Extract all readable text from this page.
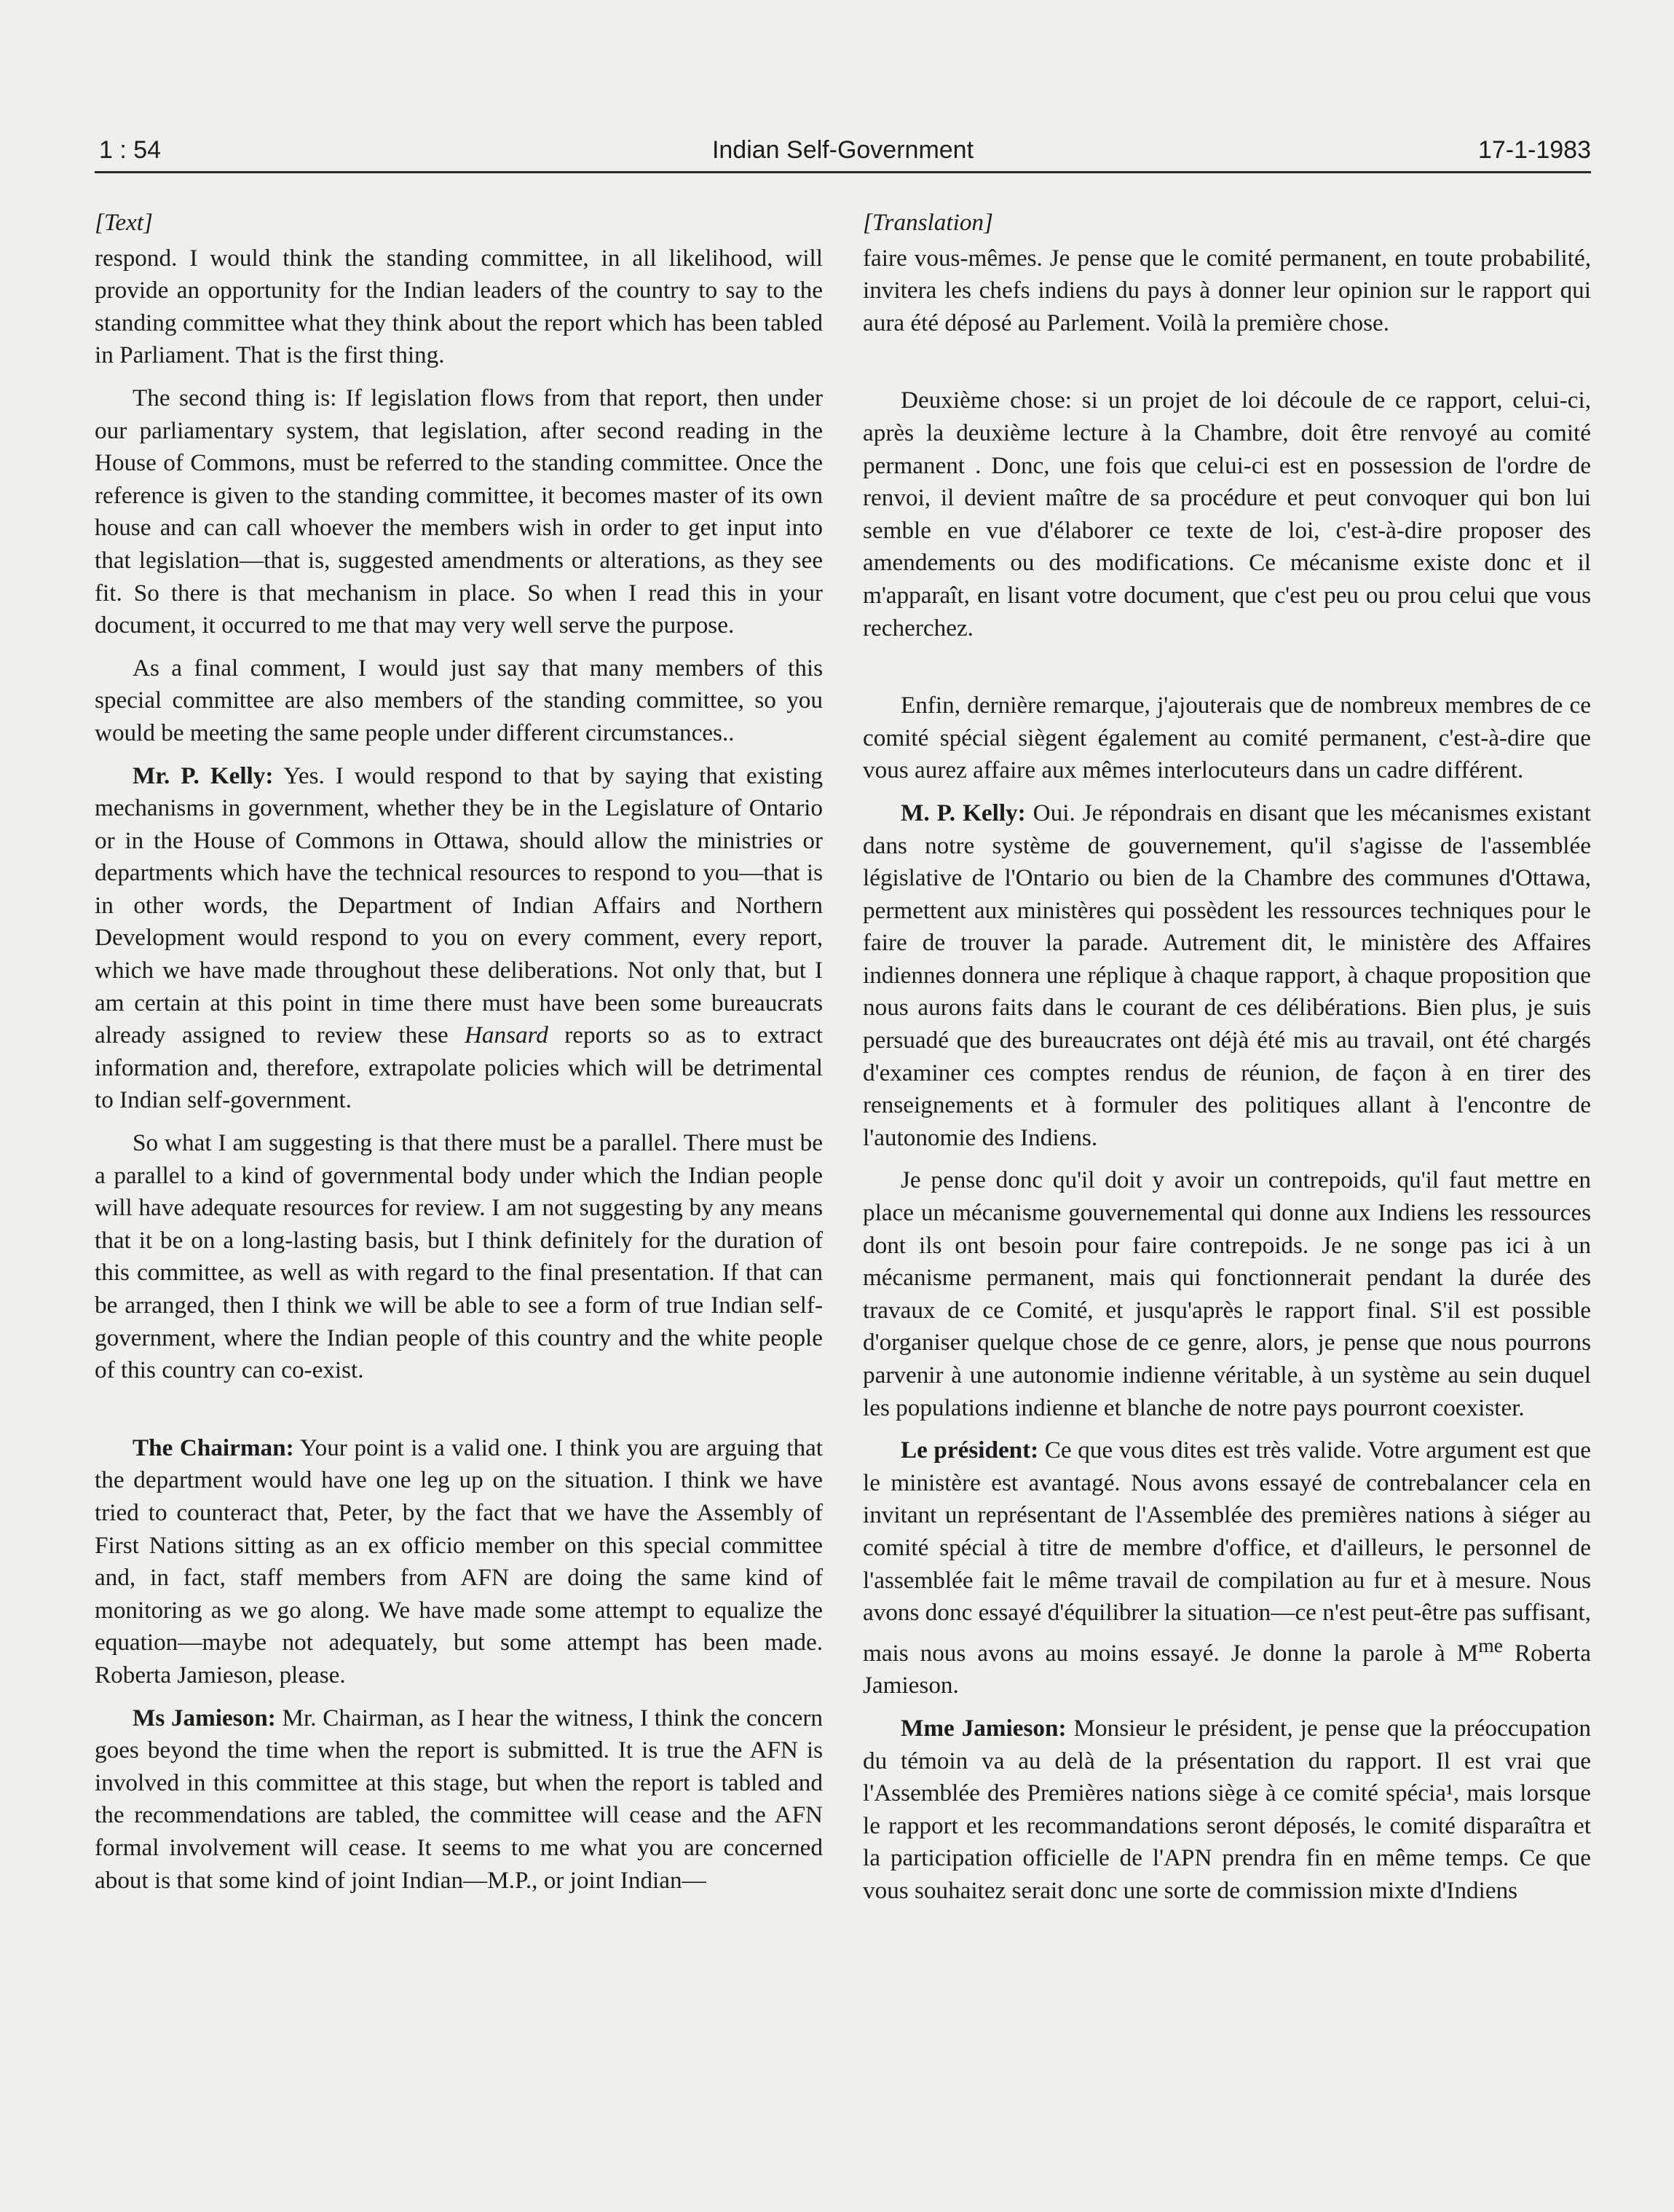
1 : 54	Indian Self-Government	17-1-1983
[Text]

respond. I would think the standing committee, in all likelihood, will provide an opportunity for the Indian leaders of the country to say to the standing committee what they think about the report which has been tabled in Parliament. That is the first thing.

The second thing is: If legislation flows from that report, then under our parliamentary system, that legislation, after second reading in the House of Commons, must be referred to the standing committee. Once the reference is given to the standing committee, it becomes master of its own house and can call whoever the members wish in order to get input into that legislation—that is, suggested amendments or alterations, as they see fit. So there is that mechanism in place. So when I read this in your document, it occurred to me that may very well serve the purpose.

As a final comment, I would just say that many members of this special committee are also members of the standing committee, so you would be meeting the same people under different circumstances..

Mr. P. Kelly: Yes. I would respond to that by saying that existing mechanisms in government, whether they be in the Legislature of Ontario or in the House of Commons in Ottawa, should allow the ministries or departments which have the technical resources to respond to you—that is in other words, the Department of Indian Affairs and Northern Development would respond to you on every comment, every report, which we have made throughout these deliberations. Not only that, but I am certain at this point in time there must have been some bureaucrats already assigned to review these Hansard reports so as to extract information and, therefore, extrapolate policies which will be detrimental to Indian self-government.

So what I am suggesting is that there must be a parallel. There must be a parallel to a kind of governmental body under which the Indian people will have adequate resources for review. I am not suggesting by any means that it be on a long-lasting basis, but I think definitely for the duration of this committee, as well as with regard to the final presentation. If that can be arranged, then I think we will be able to see a form of true Indian self-government, where the Indian people of this country and the white people of this country can co-exist.

The Chairman: Your point is a valid one. I think you are arguing that the department would have one leg up on the situation. I think we have tried to counteract that, Peter, by the fact that we have the Assembly of First Nations sitting as an ex officio member on this special committee and, in fact, staff members from AFN are doing the same kind of monitoring as we go along. We have made some attempt to equalize the equation—maybe not adequately, but some attempt has been made. Roberta Jamieson, please.

Ms Jamieson: Mr. Chairman, as I hear the witness, I think the concern goes beyond the time when the report is submitted. It is true the AFN is involved in this committee at this stage, but when the report is tabled and the recommendations are tabled, the committee will cease and the AFN formal involvement will cease. It seems to me what you are concerned about is that some kind of joint Indian—M.P., or joint Indian—

[Translation]

faire vous-mêmes. Je pense que le comité permanent, en toute probabilité, invitera les chefs indiens du pays à donner leur opinion sur le rapport qui aura été déposé au Parlement. Voilà la première chose.

Deuxième chose: si un projet de loi découle de ce rapport, celui-ci, après la deuxième lecture à la Chambre, doit être renvoyé au comité permanent . Donc, une fois que celui-ci est en possession de l'ordre de renvoi, il devient maître de sa procédure et peut convoquer qui bon lui semble en vue d'élaborer ce texte de loi, c'est-à-dire proposer des amendements ou des modifications. Ce mécanisme existe donc et il m'apparaît, en lisant votre document, que c'est peu ou prou celui que vous recherchez.

Enfin, dernière remarque, j'ajouterais que de nombreux membres de ce comité spécial siègent également au comité permanent, c'est-à-dire que vous aurez affaire aux mêmes interlocuteurs dans un cadre différent.

M. P. Kelly: Oui. Je répondrais en disant que les mécanismes existant dans notre système de gouvernement, qu'il s'agisse de l'assemblée législative de l'Ontario ou bien de la Chambre des communes d'Ottawa, permettent aux ministères qui possèdent les ressources techniques pour le faire de trouver la parade. Autrement dit, le ministère des Affaires indiennes donnera une réplique à chaque rapport, à chaque proposition que nous aurons faits dans le courant de ces délibérations. Bien plus, je suis persuadé que des bureaucrates ont déjà été mis au travail, ont été chargés d'examiner ces comptes rendus de réunion, de façon à en tirer des renseignements et à formuler des politiques allant à l'encontre de l'autonomie des Indiens.

Je pense donc qu'il doit y avoir un contrepoids, qu'il faut mettre en place un mécanisme gouvernemental qui donne aux Indiens les ressources dont ils ont besoin pour faire contrepoids. Je ne songe pas ici à un mécanisme permanent, mais qui fonctionnerait pendant la durée des travaux de ce Comité, et jusqu'après le rapport final. S'il est possible d'organiser quelque chose de ce genre, alors, je pense que nous pourrons parvenir à une autonomie indienne véritable, à un système au sein duquel les populations indienne et blanche de notre pays pourront coexister.

Le président: Ce que vous dites est très valide. Votre argument est que le ministère est avantagé. Nous avons essayé de contrebalancer cela en invitant un représentant de l'Assemblée des premières nations à siéger au comité spécial à titre de membre d'office, et d'ailleurs, le personnel de l'assemblée fait le même travail de compilation au fur et à mesure. Nous avons donc essayé d'équilibrer la situation—ce n'est peut-être pas suffisant, mais nous avons au moins essayé. Je donne la parole à $M^{me}$ Roberta Jamieson.

Mme Jamieson: Monsieur le président, je pense que la préoccupation du témoin va au delà de la présentation du rapport. Il est vrai que l'Assemblée des Premières nations siège à ce comité spécia¹, mais lorsque le rapport et les recommandations seront déposés, le comité disparaîtra et la participation officielle de l'APN prendra fin en même temps. Ce que vous souhaitez serait donc une sorte de commission mixte d'Indiens
